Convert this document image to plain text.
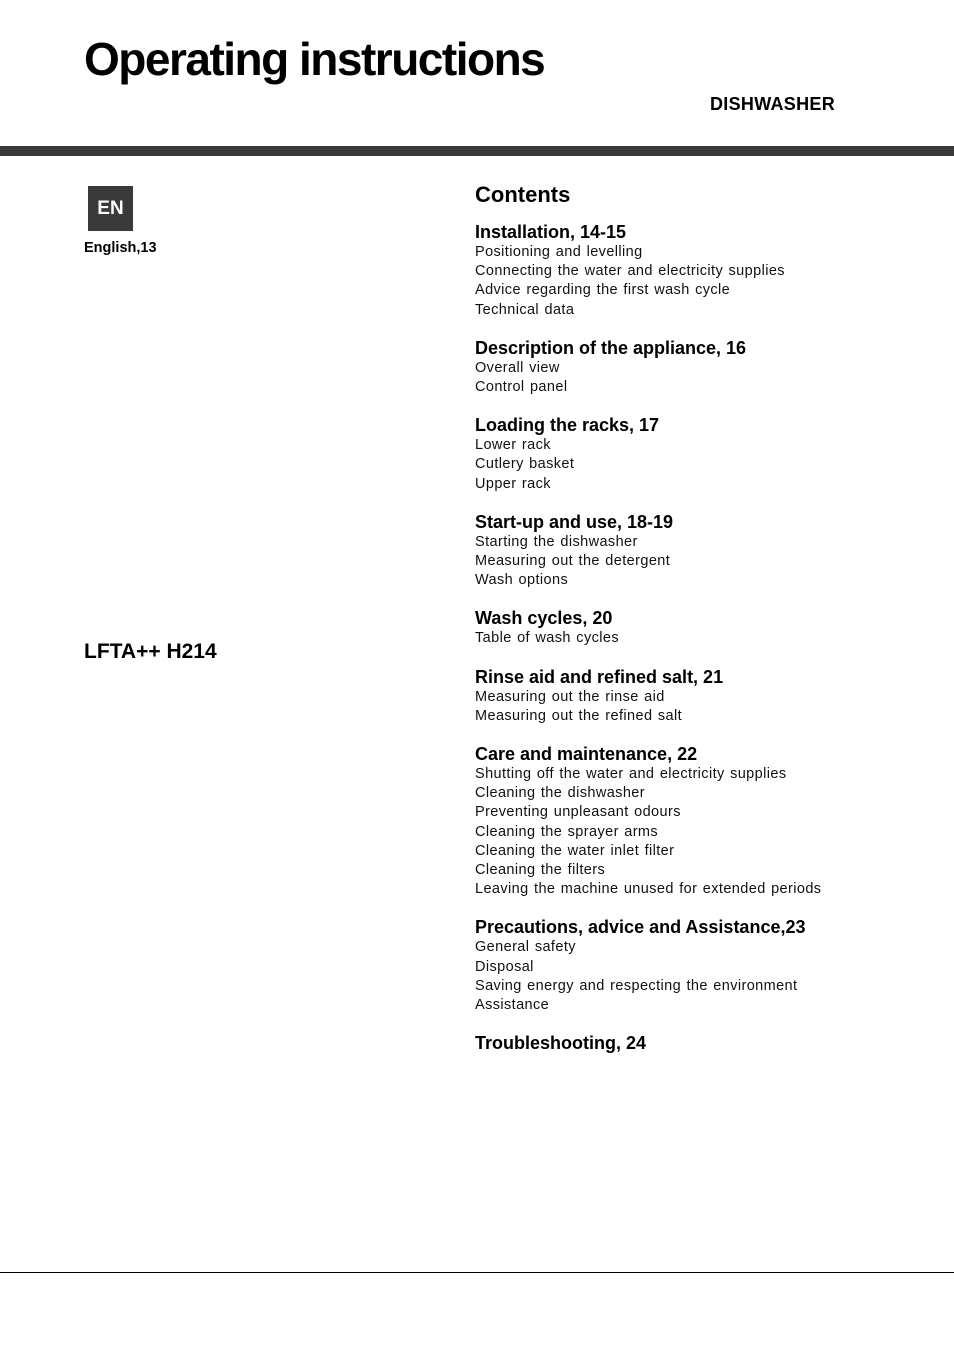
Operating instructions
DISHWASHER
EN
English,13
LFTA++ H214
Contents
Installation, 14-15
Positioning and levelling
Connecting the water and electricity supplies
Advice regarding the first wash cycle
Technical data
Description of the appliance, 16
Overall view
Control panel
Loading the racks, 17
Lower rack
Cutlery basket
Upper rack
Start-up and use, 18-19
Starting the dishwasher
Measuring out the detergent
Wash options
Wash cycles, 20
Table of wash cycles
Rinse aid and refined salt, 21
Measuring out the rinse aid
Measuring out the refined salt
Care and maintenance, 22
Shutting off the water and electricity supplies
Cleaning the dishwasher
Preventing unpleasant odours
Cleaning the sprayer arms
Cleaning the water inlet filter
Cleaning the filters
Leaving the machine unused for extended periods
Precautions, advice and Assistance,23
General safety
Disposal
Saving energy and respecting the environment
Assistance
Troubleshooting, 24
